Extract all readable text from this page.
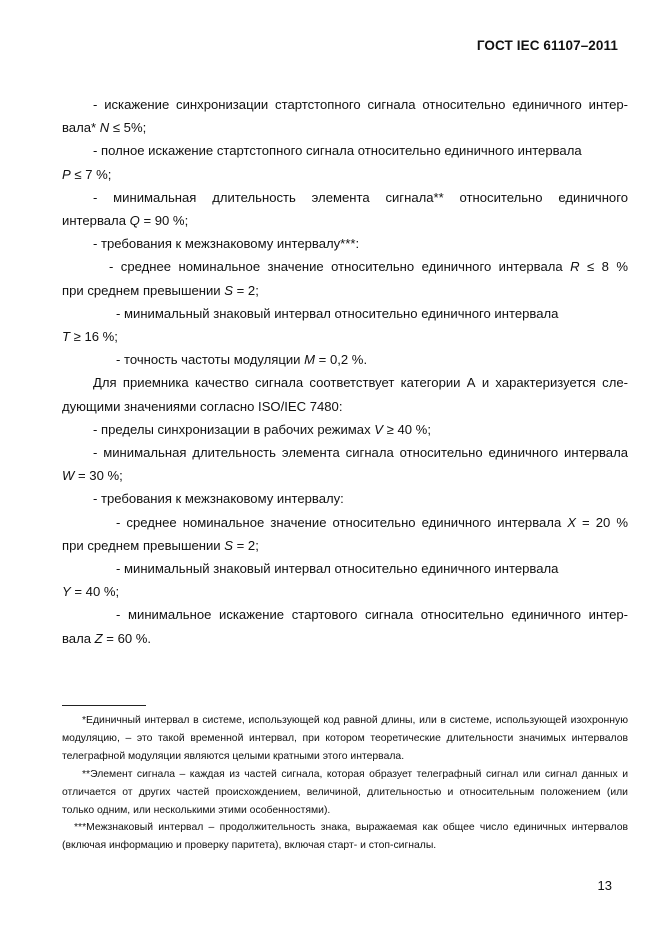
ГОСТ IEC 61107–2011

- искажение синхронизации стартстопного сигнала относительно единичного интер-

вала* N ≤ 5%;

- полное искажение стартстопного сигнала относительно единичного интервала

P ≤ 7 %;

- минимальная длительность элемента сигнала** относительно единичного

интервала Q = 90 %;

- требования к межзнаковому интервалу***:

- среднее номинальное значение относительно единичного интервала R ≤ 8 %

при среднем превышении S = 2;

- минимальный знаковый интервал относительно единичного интервала

T ≥ 16 %;

- точность частоты модуляции M = 0,2 %.

Для приемника качество сигнала соответствует категории А и характеризуется сле-

дующими значениями согласно ISO/IEC 7480:

- пределы синхронизации в рабочих режимах V ≥ 40 %;

- минимальная длительность элемента сигнала относительно единичного интервала

W = 30 %;

- требования к межзнаковому интервалу:

- среднее номинальное значение относительно единичного интервала X = 20 %

при среднем превышении S = 2;

- минимальный знаковый интервал относительно единичного интервала

Y = 40 %;

- минимальное искажение стартового сигнала относительно единичного интер-

вала Z = 60 %.

*Единичный интервал в системе, использующей код равной длины, или в системе, использующей изохронную модуляцию, – это такой временной интервал, при котором теоретические длительности значимых интервалов телеграфной модуляции являются целыми кратными этого интервала.

**Элемент сигнала – каждая из частей сигнала, которая образует телеграфный сигнал или сигнал данных и отличается от других частей происхождением, величиной, длительностью и относительным положением (или только одним, или несколькими этими особенностями).

***Межзнаковый интервал – продолжительность знака, выражаемая как общее число единичных интервалов (включая информацию и проверку паритета), включая старт- и стоп-сигналы.

13
